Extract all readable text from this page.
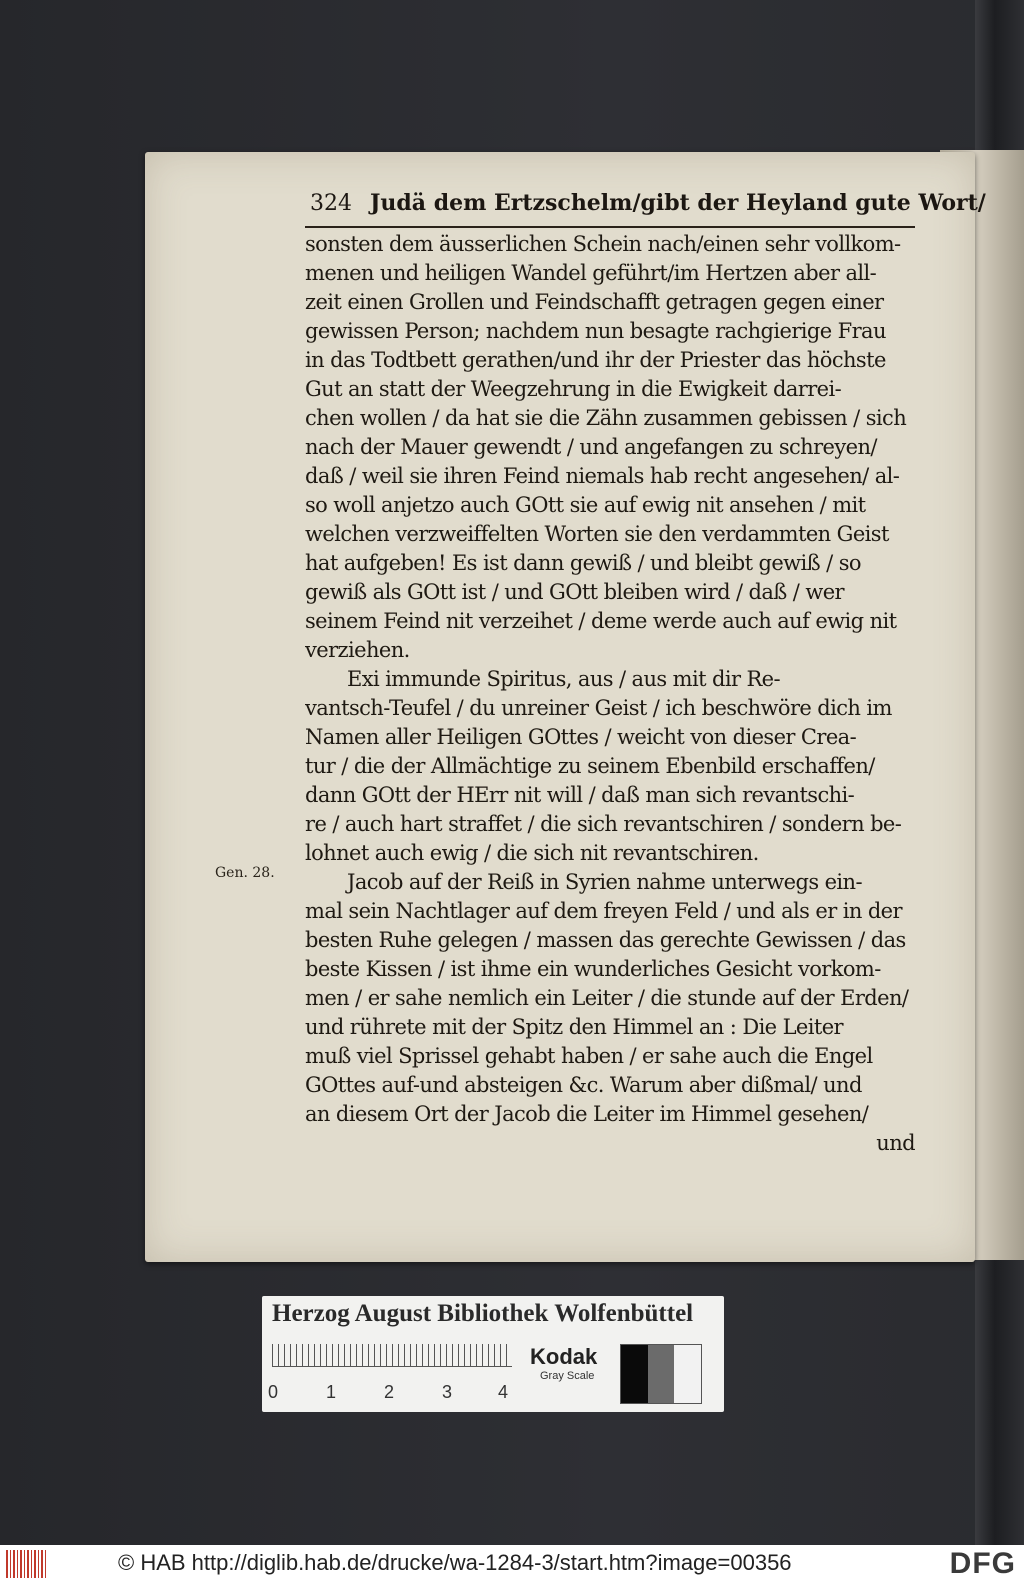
324 Judä dem Ertzschelm/gibt der Heyland gute Wort/
Gen. 28.
sonsten dem äusserlichen Schein nach/einen sehr vollkom-
menen und heiligen Wandel geführt/im Hertzen aber all-
zeit einen Grollen und Feindschafft getragen gegen einer
gewissen Person; nachdem nun besagte rachgierige Frau
in das Todtbett gerathen/und ihr der Priester das höchste
Gut an statt der Weegzehrung in die Ewigkeit darrei-
chen wollen / da hat sie die Zähn zusammen gebissen / sich
nach der Mauer gewendt / und angefangen zu schreyen/
daß / weil sie ihren Feind niemals hab recht angesehen/ al-
so woll anjetzo auch GOtt sie auf ewig nit ansehen / mit
welchen verzweiffelten Worten sie den verdammten Geist
hat aufgeben! Es ist dann gewiß / und bleibt gewiß / so
gewiß als GOtt ist / und GOtt bleiben wird / daß / wer
seinem Feind nit verzeihet / deme werde auch auf ewig nit
verziehen.
Exi immunde Spiritus, aus / aus mit dir Re-
vantsch-Teufel / du unreiner Geist / ich beschwöre dich im
Namen aller Heiligen GOttes / weicht von dieser Crea-
tur / die der Allmächtige zu seinem Ebenbild erschaffen/
dann GOtt der HErr nit will / daß man sich revantschi-
re / auch hart straffet / die sich revantschiren / sondern be-
lohnet auch ewig / die sich nit revantschiren.
Jacob auf der Reiß in Syrien nahme unterwegs ein-
mal sein Nachtlager auf dem freyen Feld / und als er in der
besten Ruhe gelegen / massen das gerechte Gewissen / das
beste Kissen / ist ihme ein wunderliches Gesicht vorkom-
men / er sahe nemlich ein Leiter / die stunde auf der Erden/
und rührete mit der Spitz den Himmel an : Die Leiter
muß viel Sprissel gehabt haben / er sahe auch die Engel
GOttes auf-und absteigen &c. Warum aber dißmal/ und
an diesem Ort der Jacob die Leiter im Himmel gesehen/
und
Herzog August Bibliothek Wolfenbüttel
0	1	2	3	4
Kodak
Gray Scale
© HAB http://diglib.hab.de/drucke/wa-1284-3/start.htm?image=00356	DFG
